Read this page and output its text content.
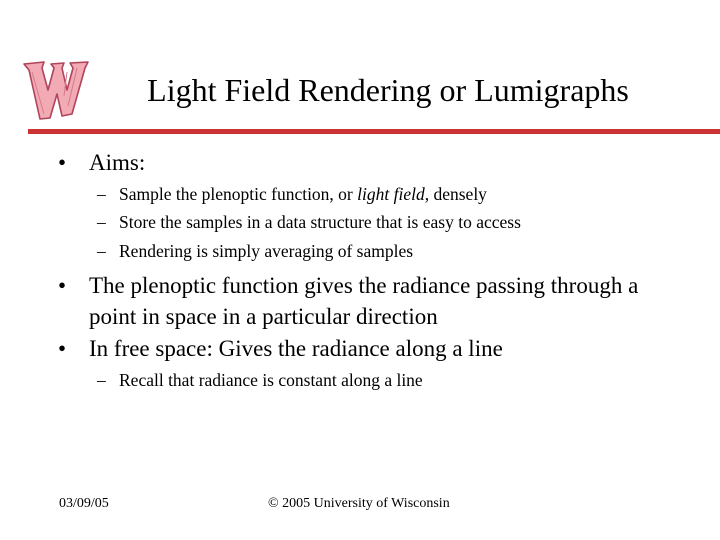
Light Field Rendering or Lumigraphs
• Aims:
– Sample the plenoptic function, or light field, densely
– Store the samples in a data structure that is easy to access
– Rendering is simply averaging of samples
• The plenoptic function gives the radiance passing through a point in space in a particular direction
• In free space: Gives the radiance along a line
– Recall that radiance is constant along a line
03/09/05	© 2005 University of Wisconsin
